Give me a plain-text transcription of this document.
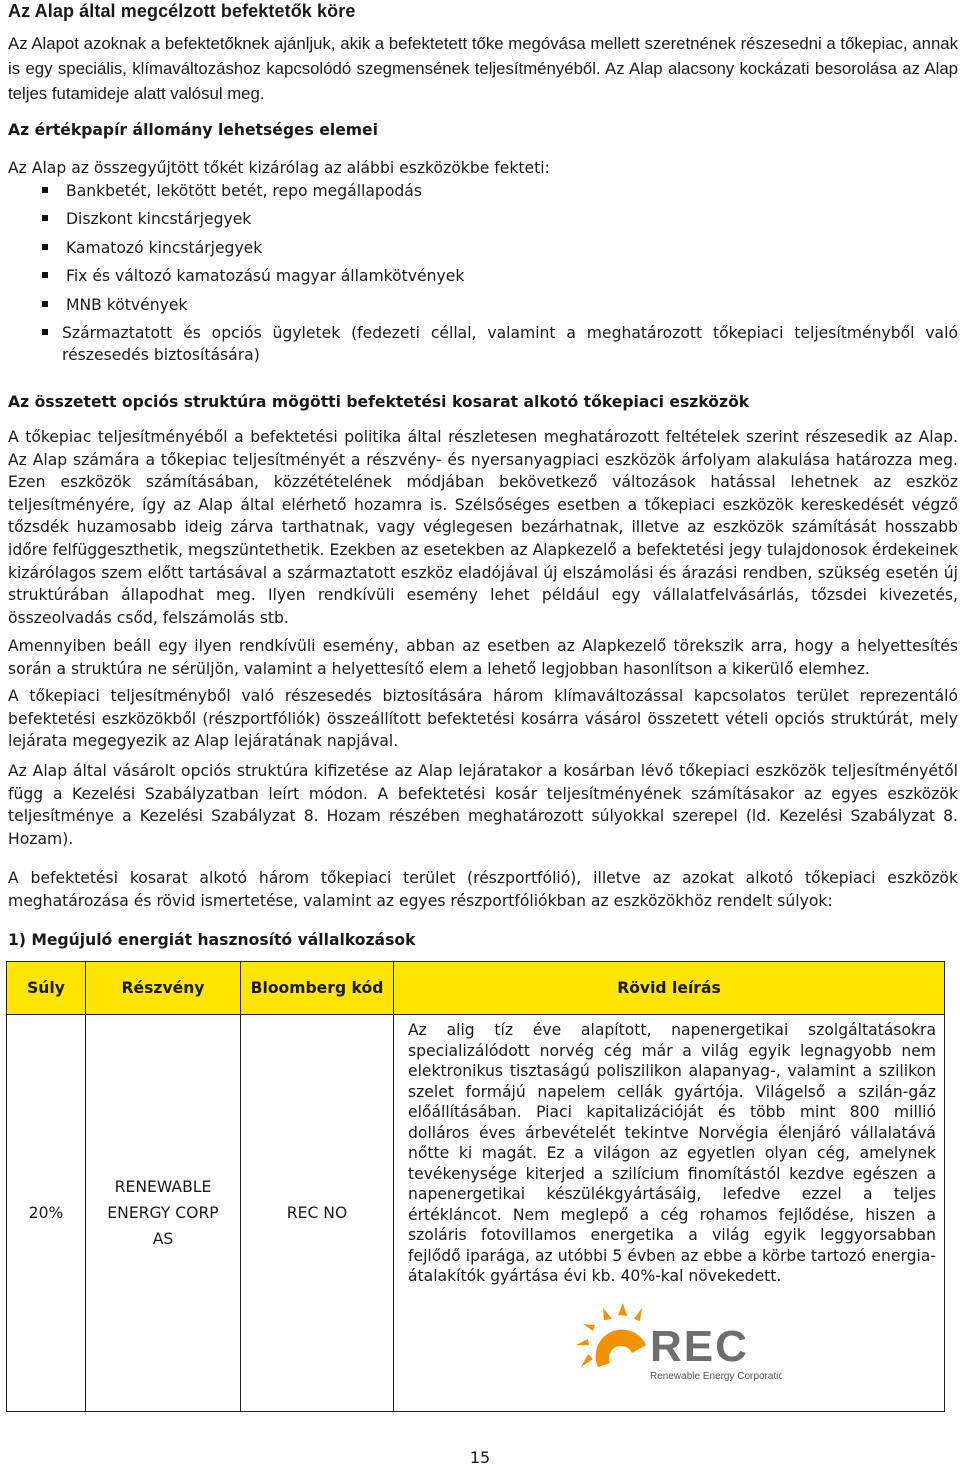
Az Alap által megcélzott befektetők köre
Az Alapot azoknak a befektetőknek ajánljuk, akik a befektetett tőke megóvása mellett szeretnének részesedni a tőkepiac, annak is egy speciális, klímaváltozáshoz kapcsolódó szegmensének teljesítményéből. Az Alap alacsony kockázati besorolása az Alap teljes futamideje alatt valósul meg.
Az értékpapír állomány lehetséges elemei
Az Alap az összegyűjtött tőkét kizárólag az alábbi eszközökbe fekteti:
Bankbetét, lekötött betét, repo megállapodás
Diszkont kincstárjegyek
Kamatozó kincstárjegyek
Fix és változó kamatozású magyar államkötvények
MNB kötvények
Származtatott és opciós ügyletek (fedezeti céllal, valamint a meghatározott tőkepiaci teljesítményből való részesedés biztosítására)
Az összetett opciós struktúra mögötti befektetési kosarat alkotó tőkepiaci eszközök
A tőkepiac teljesítményéből a befektetési politika által részletesen meghatározott feltételek szerint részesedik az Alap. Az Alap számára a tőkepiac teljesítményét a részvény- és nyersanyagpiaci eszközök árfolyam alakulása határozza meg. Ezen eszközök számításában, közzétételének módjában bekövetkező változások hatással lehetnek az eszköz teljesítményére, így az Alap által elérhető hozamra is. Szélsőséges esetben a tőkepiaci eszközök kereskedését végző tőzsdék huzamosabb ideig zárva tarthatnak, vagy véglegesen bezárhatnak, illetve az eszközök számítását hosszabb időre felfüggeszthetik, megszüntethetik. Ezekben az esetekben az Alapkezelő a befektetési jegy tulajdonosok érdekeinek kizárólagos szem előtt tartásával a származtatott eszköz eladójával új elszámolási és árazási rendben, szükség esetén új struktúrában állapodhat meg. Ilyen rendkívüli esemény lehet például egy vállalatfelvásárlás, tőzsdei kivezetés, összeolvadás csőd, felszámolás stb.
Amennyiben beáll egy ilyen rendkívüli esemény, abban az esetben az Alapkezelő törekszik arra, hogy a helyettesítés során a struktúra ne sérüljön, valamint a helyettesítő elem a lehető legjobban hasonlítson a kikerülő elemhez.
A tőkepiaci teljesítményből való részesedés biztosítására három klímaváltozással kapcsolatos terület reprezentáló befektetési eszközökből (részportfóliók) összeállított befektetési kosárra vásárol összetett vételi opciós struktúrát, mely lejárata megegyezik az Alap lejáratának napjával.
Az Alap által vásárolt opciós struktúra kifizetése az Alap lejáratakor a kosárban lévő tőkepiaci eszközök teljesítményétől függ a Kezelési Szabályzatban leírt módon. A befektetési kosár teljesítményének számításakor az egyes eszközök teljesítménye a Kezelési Szabályzat 8. Hozam részében meghatározott súlyokkal szerepel (ld. Kezelési Szabályzat 8. Hozam).
A befektetési kosarat alkotó három tőkepiaci terület (részportfólió), illetve az azokat alkotó tőkepiaci eszközök meghatározása és rövid ismertetése, valamint az egyes részportfóliókban az eszközökhöz rendelt súlyok:
1) Megújuló energiát hasznosító vállalkozások
Súly	Részvény	Bloomberg kód	Rövid leírás
20%	RENEWABLE ENERGY CORP AS	REC NO	Az alig tíz éve alapított, napenergetikai szolgáltatásokra specializálódott norvég cég már a világ egyik legnagyobb nem elektronikus tisztaságú poliszilikon alapanyag-, valamint a szilikon szelet formájú napelem cellák gyártója. Világelső a szilán-gáz előállításában. Piaci kapitalizációját és több mint 800 millió dolláros éves árbevételét tekintve Norvégia élenjáró vállalatává nőtte ki magát. Ez a világon az egyetlen olyan cég, amelynek tevékenysége kiterjed a szilícium finomítástól kezdve egészen a napenergetikai készülékgyártásáig, lefedve ezzel a teljes értékláncot. Nem meglepő a cég rohamos fejlődése, hiszen a szoláris fotovillamos energetika a világ egyik leggyorsabban fejlődő iparága, az utóbbi 5 évben az ebbe a körbe tartozó energia-átalakítók gyártása évi kb. 40%-kal növekedett.
REC
Renewable Energy Corporation
15
